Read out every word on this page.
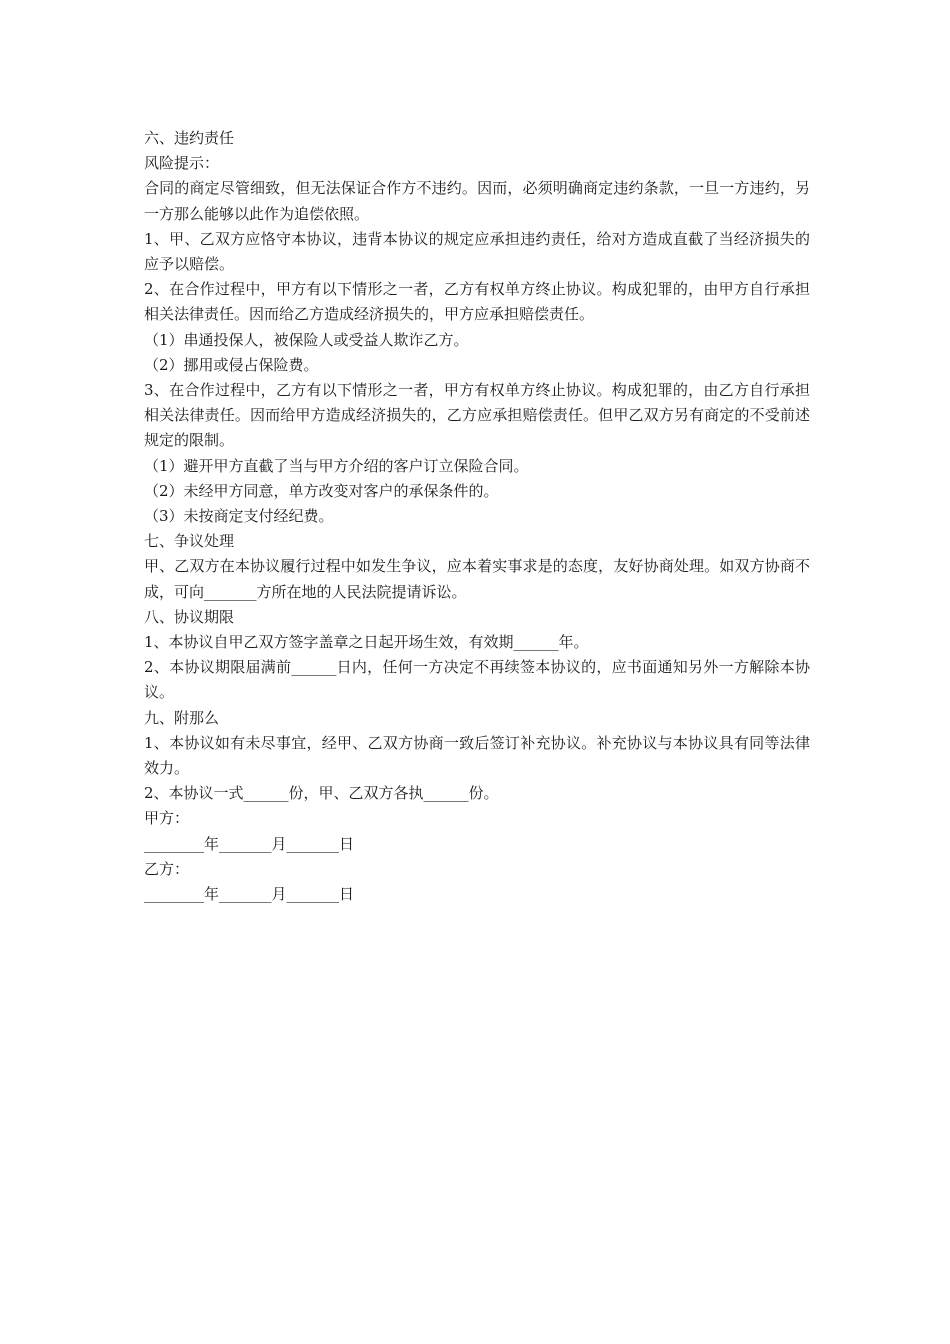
六、违约责任

风险提示：

合同的商定尽管细致，但无法保证合作方不违约。因而，必须明确商定违约条款，一旦一方违约，另一方那么能够以此作为追偿依照。

1、甲、乙双方应恪守本协议，违背本协议的规定应承担违约责任，给对方造成直截了当经济损失的应予以赔偿。

2、在合作过程中，甲方有以下情形之一者，乙方有权单方终止协议。构成犯罪的，由甲方自行承担相关法律责任。因而给乙方造成经济损失的，甲方应承担赔偿责任。

（1）串通投保人，被保险人或受益人欺诈乙方。

（2）挪用或侵占保险费。

3、在合作过程中，乙方有以下情形之一者，甲方有权单方终止协议。构成犯罪的，由乙方自行承担相关法律责任。因而给甲方造成经济损失的，乙方应承担赔偿责任。但甲乙双方另有商定的不受前述规定的限制。

（1）避开甲方直截了当与甲方介绍的客户订立保险合同。

（2）未经甲方同意，单方改变对客户的承保条件的。

（3）未按商定支付经纪费。

七、争议处理

甲、乙双方在本协议履行过程中如发生争议，应本着实事求是的态度，友好协商处理。如双方协商不成，可向_______方所在地的人民法院提请诉讼。

八、协议期限

1、本协议自甲乙双方签字盖章之日起开场生效，有效期______年。

2、本协议期限届满前______日内，任何一方决定不再续签本协议的，应书面通知另外一方解除本协议。

九、附那么

1、本协议如有未尽事宜，经甲、乙双方协商一致后签订补充协议。补充协议与本协议具有同等法律效力。

2、本协议一式______份，甲、乙双方各执______份。

甲方：

________年_______月_______日

乙方：

________年_______月_______日
